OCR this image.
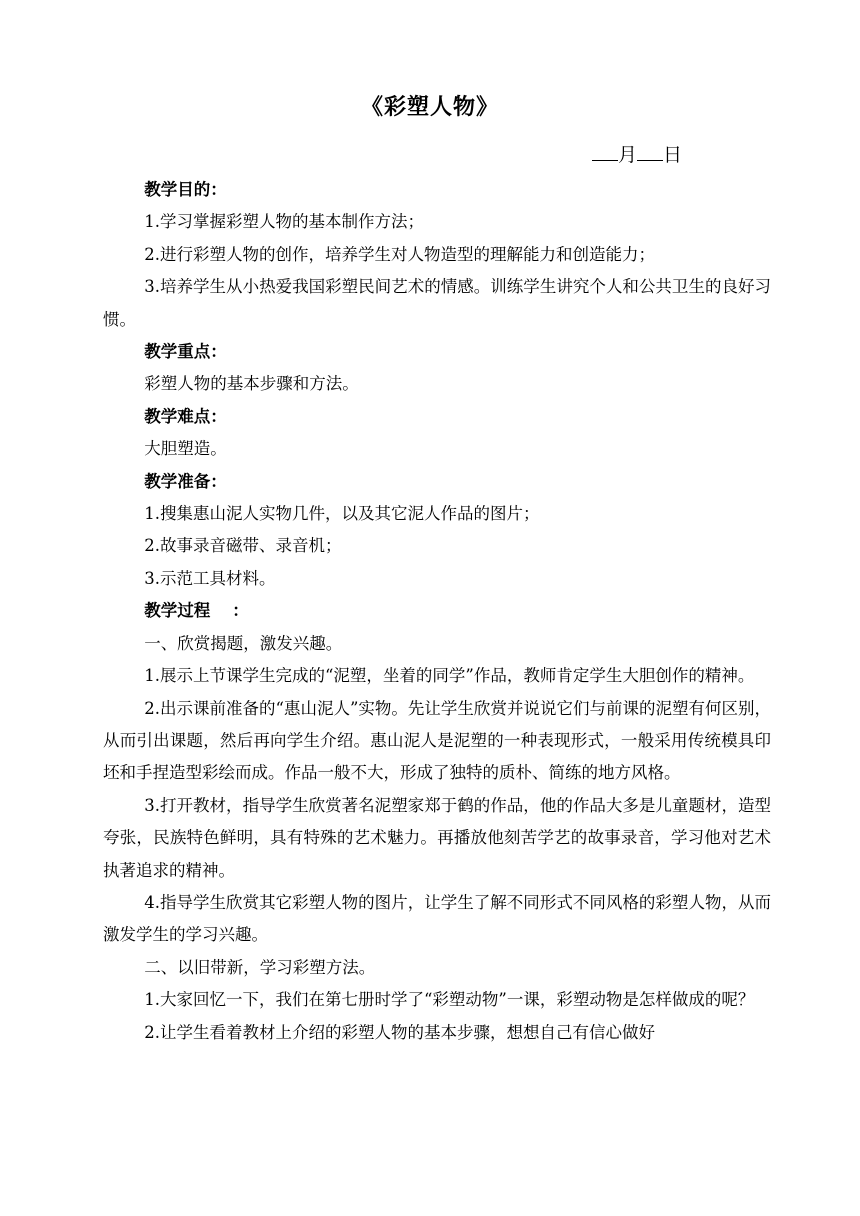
《彩塑人物》
月 日

教学目的：

1.学习掌握彩塑人物的基本制作方法；

2.进行彩塑人物的创作，培养学生对人物造型的理解能力和创造能力；

3.培养学生从小热爱我国彩塑民间艺术的情感。训练学生讲究个人和公共卫生的良好习惯。

教学重点：

彩塑人物的基本步骤和方法。

教学难点：

大胆塑造。

教学准备：

1.搜集惠山泥人实物几件，以及其它泥人作品的图片；

2.故事录音磁带、录音机；

3.示范工具材料。

教学过程 ：

一、欣赏揭题，激发兴趣。

1.展示上节课学生完成的“泥塑，坐着的同学”作品，教师肯定学生大胆创作的精神。

2.出示课前准备的“惠山泥人”实物。先让学生欣赏并说说它们与前课的泥塑有何区别，从而引出课题，然后再向学生介绍。惠山泥人是泥塑的一种表现形式，一般采用传统模具印坯和手捏造型彩绘而成。作品一般不大，形成了独特的质朴、简练的地方风格。

3.打开教材，指导学生欣赏著名泥塑家郑于鹤的作品，他的作品大多是儿童题材，造型夸张，民族特色鲜明，具有特殊的艺术魅力。再播放他刻苦学艺的故事录音，学习他对艺术执著追求的精神。

4.指导学生欣赏其它彩塑人物的图片，让学生了解不同形式不同风格的彩塑人物，从而激发学生的学习兴趣。

二、以旧带新，学习彩塑方法。

1.大家回忆一下，我们在第七册时学了“彩塑动物”一课，彩塑动物是怎样做成的呢？

2.让学生看着教材上介绍的彩塑人物的基本步骤，想想自己有信心做好
